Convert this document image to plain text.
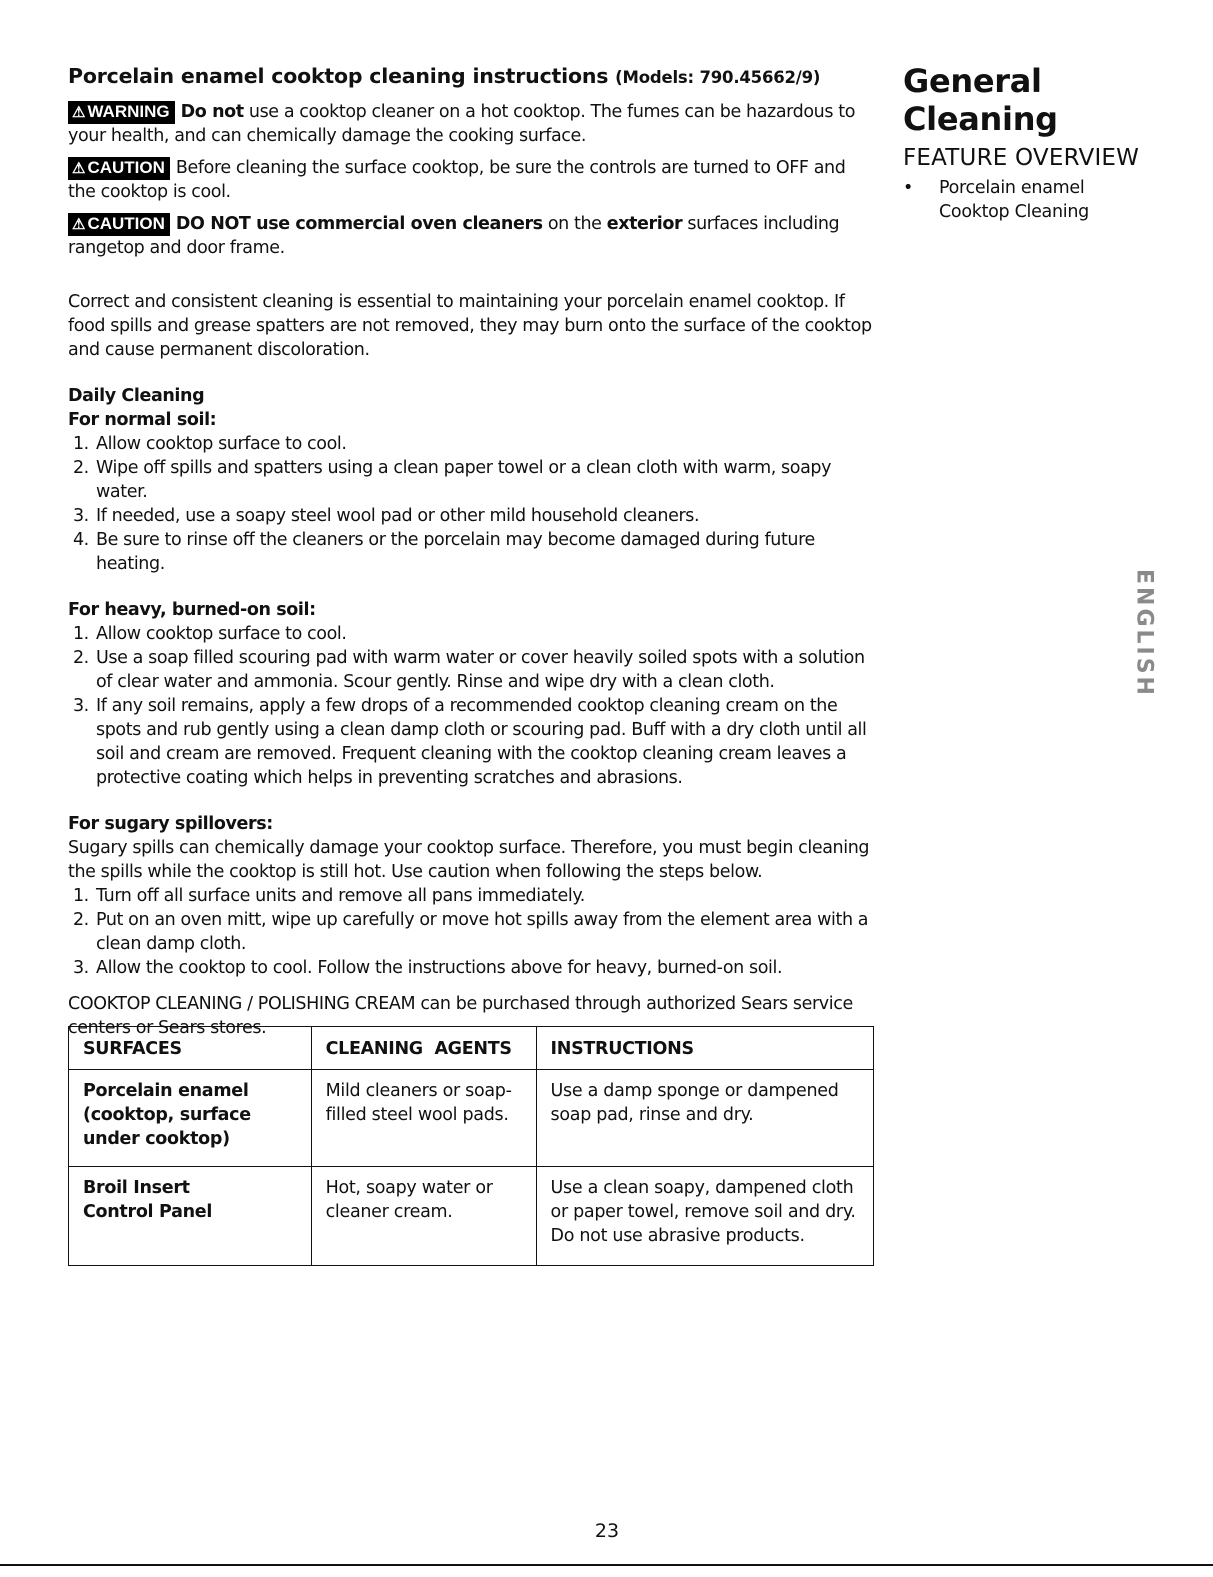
Porcelain enamel cooktop cleaning instructions (Models: 790.45662/9)

⚠ WARNING Do not use a cooktop cleaner on a hot cooktop. The fumes can be hazardous to your health, and can chemically damage the cooking surface.

⚠ CAUTION Before cleaning the surface cooktop, be sure the controls are turned to OFF and the cooktop is cool.

⚠ CAUTION DO NOT use commercial oven cleaners on the exterior surfaces including rangetop and door frame.

Correct and consistent cleaning is essential to maintaining your porcelain enamel cooktop. If food spills and grease spatters are not removed, they may burn onto the surface of the cooktop and cause permanent discoloration.

Daily Cleaning

For normal soil:

1. Allow cooktop surface to cool.
2. Wipe off spills and spatters using a clean paper towel or a clean cloth with warm, soapy water.
3. If needed, use a soapy steel wool pad or other mild household cleaners.
4. Be sure to rinse off the cleaners or the porcelain may become damaged during future heating.

For heavy, burned-on soil:

1. Allow cooktop surface to cool.
2. Use a soap filled scouring pad with warm water or cover heavily soiled spots with a solution of clear water and ammonia. Scour gently. Rinse and wipe dry with a clean cloth.
3. If any soil remains, apply a few drops of a recommended cooktop cleaning cream on the spots and rub gently using a clean damp cloth or scouring pad. Buff with a dry cloth until all soil and cream are removed. Frequent cleaning with the cooktop cleaning cream leaves a protective coating which helps in preventing scratches and abrasions.

For sugary spillovers:

Sugary spills can chemically damage your cooktop surface. Therefore, you must begin cleaning the spills while the cooktop is still hot. Use caution when following the steps below.

1. Turn off all surface units and remove all pans immediately.
2. Put on an oven mitt, wipe up carefully or move hot spills away from the element area with a clean damp cloth.
3. Allow the cooktop to cool. Follow the instructions above for heavy, burned-on soil.

COOKTOP CLEANING / POLISHING CREAM can be purchased through authorized Sears service centers or Sears stores.

SURFACES	CLEANING  AGENTS	INSTRUCTIONS
Porcelain enamel (cooktop, surface under cooktop)	Mild cleaners or soap-filled steel wool pads.	Use a damp sponge or dampened soap pad, rinse and dry.
Broil Insert
Control Panel	Hot, soapy water or cleaner cream.	Use a clean soapy, dampened cloth or paper towel, remove soil and dry. Do not use abrasive products.
General
Cleaning

FEATURE OVERVIEW

• Porcelain enamel Cooktop Cleaning
ENGLISH
23
